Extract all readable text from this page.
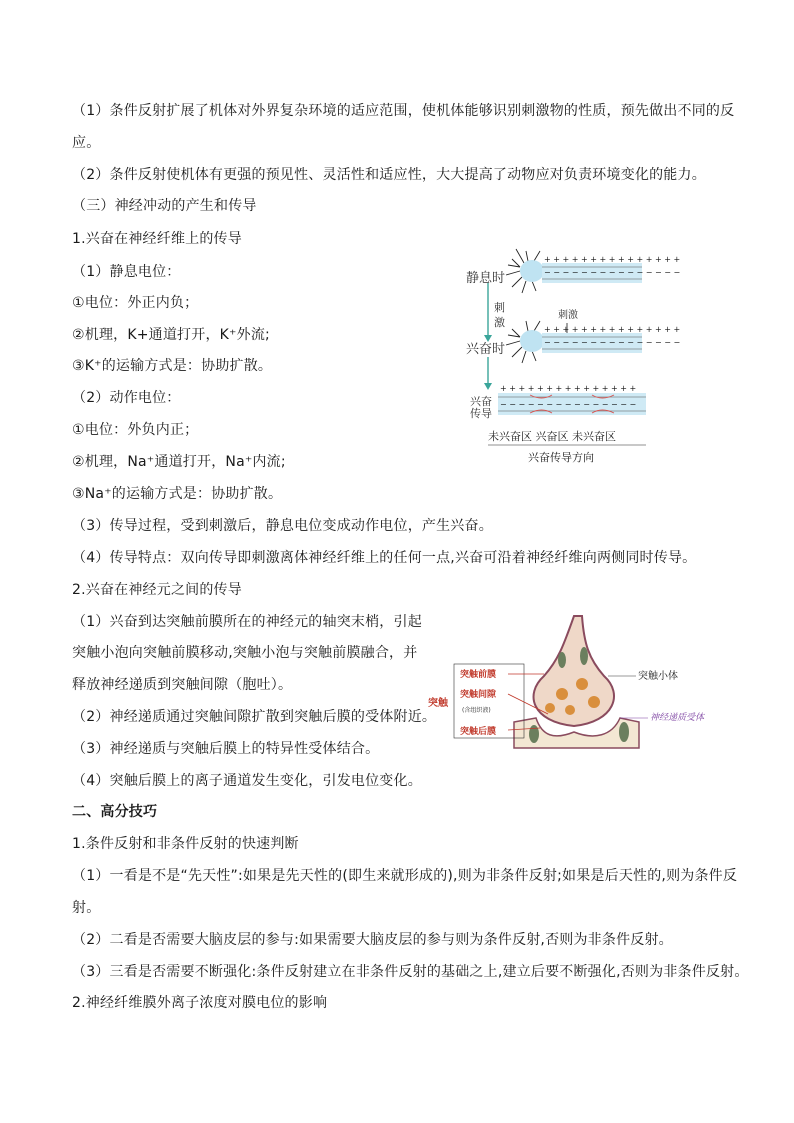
（1）条件反射扩展了机体对外界复杂环境的适应范围，使机体能够识别刺激物的性质，预先做出不同的反
应。
（2）条件反射使机体有更强的预见性、灵活性和适应性，大大提高了动物应对负责环境变化的能力。
（三）神经冲动的产生和传导
1.兴奋在神经纤维上的传导
（1）静息电位：
①电位：外正内负；
②机理，K+通道打开，K⁺外流;
③K⁺的运输方式是：协助扩散。
（2）动作电位：
①电位：外负内正；
②机理，Na⁺通道打开，Na⁺内流;
③Na⁺的运输方式是：协助扩散。
（3）传导过程，受到刺激后，静息电位变成动作电位，产生兴奋。
（4）传导特点：双向传导即刺激离体神经纤维上的任何一点,兴奋可沿着神经纤维向两侧同时传导。
2.兴奋在神经元之间的传导
（1）兴奋到达突触前膜所在的神经元的轴突末梢，引起
突触小泡向突触前膜移动,突触小泡与突触前膜融合，并
释放神经递质到突触间隙（胞吐）。
（2）神经递质通过突触间隙扩散到突触后膜的受体附近。
（3）神经递质与突触后膜上的特异性受体结合。
（4）突触后膜上的离子通道发生变化，引发电位变化。
二、高分技巧
1.条件反射和非条件反射的快速判断
（1）一看是不是“先天性”:如果是先天性的(即生来就形成的),则为非条件反射;如果是后天性的,则为条件反
射。
（2）二看是否需要大脑皮层的参与:如果需要大脑皮层的参与则为条件反射,否则为非条件反射。
（3）三看是否需要不断强化:条件反射建立在非条件反射的基础之上,建立后要不断强化,否则为非条件反射。
2.神经纤维膜外离子浓度对膜电位的影响
静息时
刺
激
兴奋时
兴奋
传导
+ + + + + + + + + + + + + + +
− − − − − − − − − − − − − − −
刺激
+ + + + + + + + + + + + + + +
− − − − − − − − − − − − − − −
+ + + + + + + + + + + + + + +
− − − − − − − − − − − − − − −
未兴奋区 兴奋区 未兴奋区
兴奋传导方向
突触
突触前膜
突触间隙
(含组织液)
突触后膜
突触小体
神经递质受体
